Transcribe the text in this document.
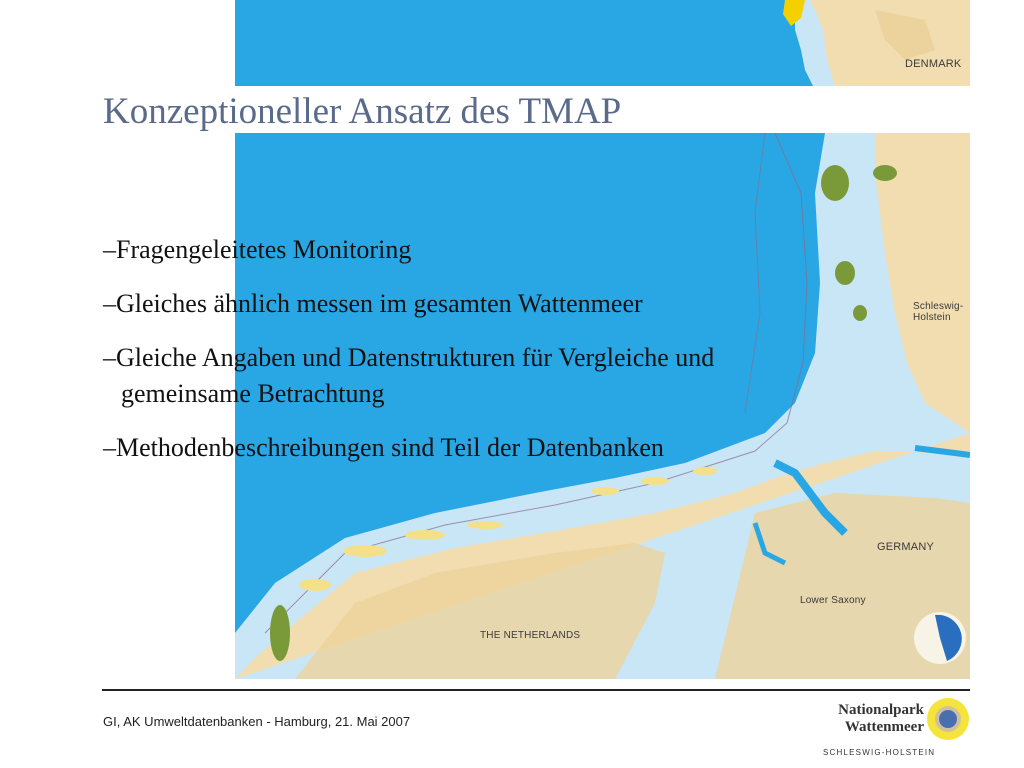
DENMARK
Schleswig-
Holstein
GERMANY
Lower Saxony
THE NETHERLANDS
Konzeptioneller Ansatz des TMAP
–Fragengeleitetes Monitoring
–Gleiches ähnlich messen im gesamten Wattenmeer
–Gleiche Angaben und Datenstrukturen für Vergleiche und
gemeinsame Betrachtung
–Methodenbeschreibungen sind Teil der Datenbanken
GI, AK Umweltdatenbanken - Hamburg, 21. Mai 2007
Nationalpark
Wattenmeer
SCHLESWIG-HOLSTEIN
